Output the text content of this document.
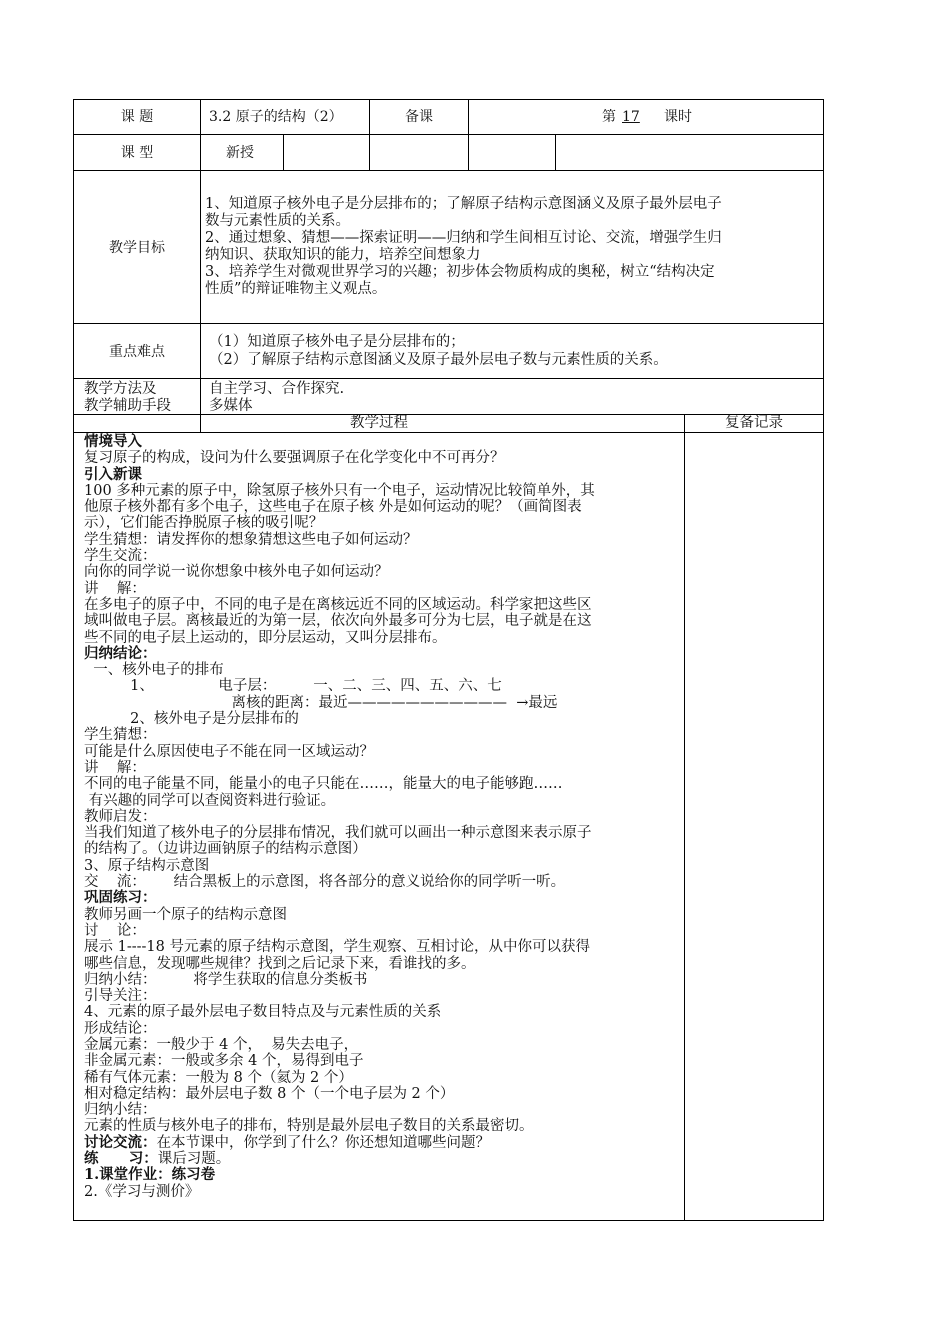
课 题	3.2 原子的结构（2）	备课	第 17 课时
课 型	新授
教学目标
1、知道原子核外电子是分层排布的；了解原子结构示意图涵义及原子最外层电子
数与元素性质的关系。
2、通过想象、猜想——探索证明——归纳和学生间相互讨论、交流，增强学生归
纳知识、获取知识的能力，培养空间想象力
3、培养学生对微观世界学习的兴趣；初步体会物质构成的奥秘，树立“结构决定
性质”的辩证唯物主义观点。
重点难点
（1）知道原子核外电子是分层排布的；
（2）了解原子结构示意图涵义及原子最外层电子数与元素性质的关系。
教学方法及
教学辅助手段
自主学习、合作探究.
多媒体
教学过程	复备记录
情境导入
复习原子的构成，设问为什么要强调原子在化学变化中不可再分？
引入新课
100 多种元素的原子中，除氢原子核外只有一个电子，运动情况比较简单外，其
他原子核外都有多个电子，这些电子在原子核 外是如何运动的呢？（画简图表
示），它们能否挣脱原子核的吸引呢？
学生猜想：请发挥你的想象猜想这些电子如何运动？
学生交流：
向你的同学说一说你想象中核外电子如何运动？
讲    解：
在多电子的原子中，不同的电子是在离核远近不同的区域运动。科学家把这些区
域叫做电子层。离核最近的为第一层，依次向外最多可分为七层，电子就是在这
些不同的电子层上运动的，即分层运动，又叫分层排布。
归纳结论：
一、核外电子的排布
1、              电子层：        一、二、三、四、五、六、七
离核的距离：最近———————————  →最远
2、核外电子是分层排布的
学生猜想：
可能是什么原因使电子不能在同一区域运动？
讲    解：
不同的电子能量不同，能量小的电子只能在……，能量大的电子能够跑……
有兴趣的同学可以查阅资料进行验证。
教师启发：
当我们知道了核外电子的分层排布情况，我们就可以画出一种示意图来表示原子
的结构了。（边讲边画钠原子的结构示意图）
3、原子结构示意图
交    流：      结合黑板上的示意图，将各部分的意义说给你的同学听一听。
巩固练习：
教师另画一个原子的结构示意图
讨    论：
展示 1----18 号元素的原子结构示意图，学生观察、互相讨论，从中你可以获得
哪些信息，发现哪些规律？找到之后记录下来，看谁找的多。
归纳小结：        将学生获取的信息分类板书
引导关注：
4、元素的原子最外层电子数目特点及与元素性质的关系
形成结论：
金属元素：一般少于 4 个，  易失去电子，
非金属元素：一般或多余 4 个，易得到电子
稀有气体元素：一般为 8 个（氦为 2 个）
相对稳定结构：最外层电子数 8 个（一个电子层为 2 个）
归纳小结：
元素的性质与核外电子的排布，特别是最外层电子数目的关系最密切。
讨论交流：在本节课中，你学到了什么？你还想知道哪些问题？
练      习：课后习题。
1.课堂作业：练习卷
2.《学习与测价》
